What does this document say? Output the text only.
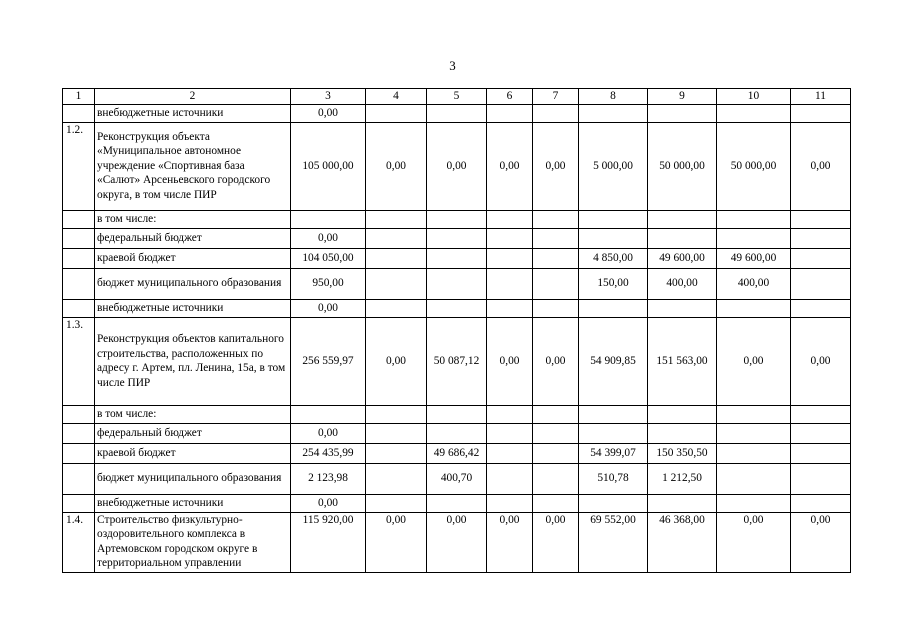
3
1	2	3	4	5	6	7	8	9	10	11
	внебюджетные источники	0,00								
1.2.	Реконструкция объекта «Муниципальное автономное учреждение «Спортивная база «Салют» Арсеньевского городского округа, в том числе ПИР	105 000,00	0,00	0,00	0,00	0,00	5 000,00	50 000,00	50 000,00	0,00
	в том числе:									
	федеральный бюджет	0,00								
	краевой бюджет	104 050,00					4 850,00	49 600,00	49 600,00	
	бюджет муниципального образования	950,00					150,00	400,00	400,00	
	внебюджетные источники	0,00								
1.3.	Реконструкция объектов капитального строительства, расположенных по адресу г. Артем, пл. Ленина, 15а, в том числе ПИР	256 559,97	0,00	50 087,12	0,00	0,00	54 909,85	151 563,00	0,00	0,00
	в том числе:									
	федеральный бюджет	0,00								
	краевой бюджет	254 435,99		49 686,42			54 399,07	150 350,50		
	бюджет муниципального образования	2 123,98		400,70			510,78	1 212,50		
	внебюджетные источники	0,00								
1.4.	Строительство физкультурно-оздоровительного комплекса в Артемовском городском округе в территориальном управлении	115 920,00	0,00	0,00	0,00	0,00	69 552,00	46 368,00	0,00	0,00
